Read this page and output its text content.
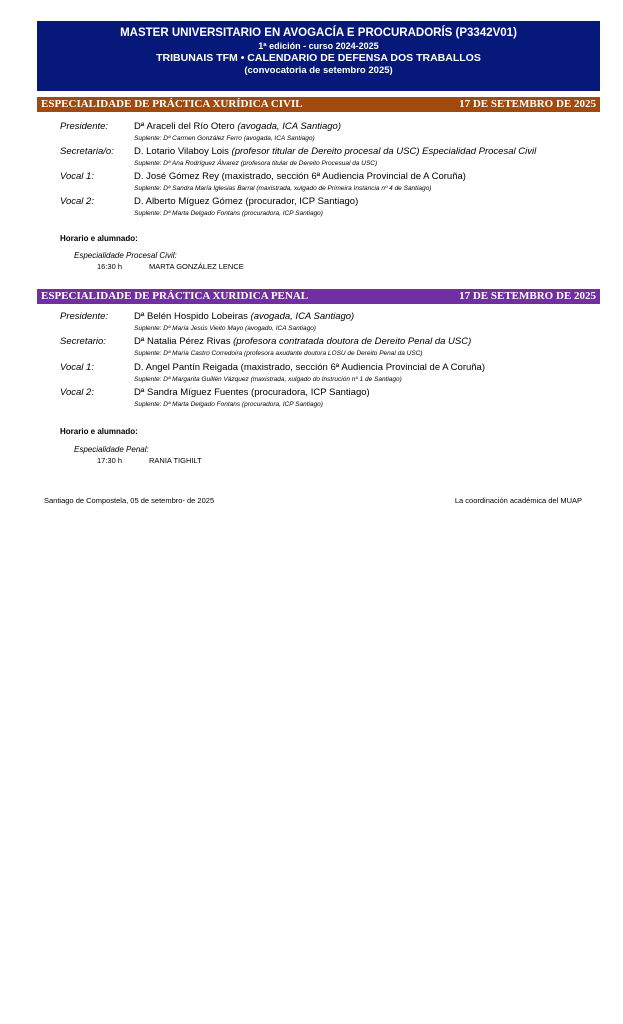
MASTER UNIVERSITARIO EN AVOGACÍA E PROCURADORÍS (P3342V01)
1ª edición - curso 2024-2025
TRIBUNAIS TFM • CALENDARIO DE DEFENSA DOS TRABALLOS
(convocatoria de setembro 2025)
ESPECIALIDADE DE PRÁCTICA XURÍDICA CIVIL	17 DE SETEMBRO DE 2025
Presidente:	Dª Araceli del Río Otero (avogada, ICA Santiago)
Suplente: Dª Carmen González Ferro (avogada, ICA Santiago)
Secretaria/o: D. Lotario Vilaboy Lois (profesor titular de Dereito procesal da USC) Especialidad Procesal Civil
Suplente: Dª Ana Rodríguez Álvarez (profesora titular de Dereito Procesual da USC)
Vocal 1:	D. José Gómez Rey (maxistrado, sección 6ª Audiencia Provincial de A Coruña)
Suplente: Dª Sandra María Iglesias Barral (maxistrada, xulgado de Primeira Instancia nº 4 de Santiago)
Vocal 2:	D. Alberto Míguez Gómez (procurador, ICP Santiago)
Suplente: Dª Marta Delgado Fontans (procuradora, ICP Santiago)
Horario e alumnado:
Especialidade Procesal Civil:
16:30 h	MARTA GONZÁLEZ LENCE
ESPECIALIDADE DE PRÁCTICA XURIDICA PENAL	17 DE SETEMBRO DE 2025
Presidente:	Dª Belén Hospido Lobeiras (avogada, ICA Santiago)
Suplente: Dª María Jesús Vieito Mayo (avogado, ICA Santiago)
Secretario:	Dª Natalia Pérez Rivas (profesora contratada doutora de Dereito Penal da USC)
Suplente: Dª María Castro Corredoira (profesora axudante doutora LOSU de Dereito Penal da USC)
Vocal 1:	D. Angel Pantín Reigada (maxistrado, sección 6ª Audiencia Provincial de A Coruña)
Suplente: Dª Margarita Guillén Vázquez (maxistrada, xulgado do Instrución nº 1 de Santiago)
Vocal 2:	Dª Sandra Míguez Fuentes (procuradora, ICP Santiago)
Suplente: Dª Marta Delgado Fontans (procuradora, ICP Santiago)
Horario e alumnado:
Especialidade Penal:
17:30 h	RANIA TIGHILT
Santiago de Compostela, 05 de setembro- de 2025	La coordinación académica del MUAP
